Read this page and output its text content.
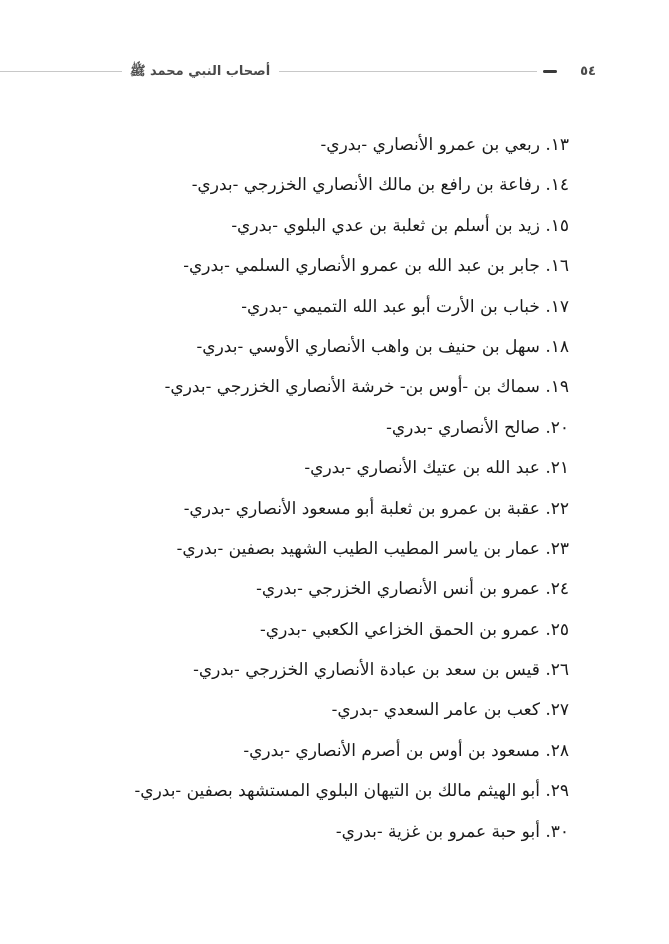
أصحاب النبي محمد ﷺ	٥٤
١٣. ربعي بن عمرو الأنصاري -بدري-
١٤. رفاعة بن رافع بن مالك الأنصاري الخزرجي -بدري-
١٥. زيد بن أسلم بن ثعلبة بن عدي البلوي -بدري-
١٦. جابر بن عبد الله بن عمرو الأنصاري السلمي -بدري-
١٧. خباب بن الأرت أبو عبد الله التميمي -بدري-
١٨. سهل بن حنيف بن واهب الأنصاري الأوسي -بدري-
١٩. سماك بن -أوس بن- خرشة الأنصاري الخزرجي -بدري-
٢٠. صالح الأنصاري -بدري-
٢١. عبد الله بن عتيك الأنصاري -بدري-
٢٢. عقبة بن عمرو بن ثعلبة أبو مسعود الأنصاري -بدري-
٢٣. عمار بن ياسر المطيب الطيب الشهيد بصفين -بدري-
٢٤. عمرو بن أنس الأنصاري الخزرجي -بدري-
٢٥. عمرو بن الحمق الخزاعي الكعبي -بدري-
٢٦. قيس بن سعد بن عبادة الأنصاري الخزرجي -بدري-
٢٧. كعب بن عامر السعدي -بدري-
٢٨. مسعود بن أوس بن أصرم الأنصاري -بدري-
٢٩. أبو الهيثم مالك بن التيهان البلوي المستشهد بصفين -بدري-
٣٠. أبو حبة عمرو بن غزية -بدري-
